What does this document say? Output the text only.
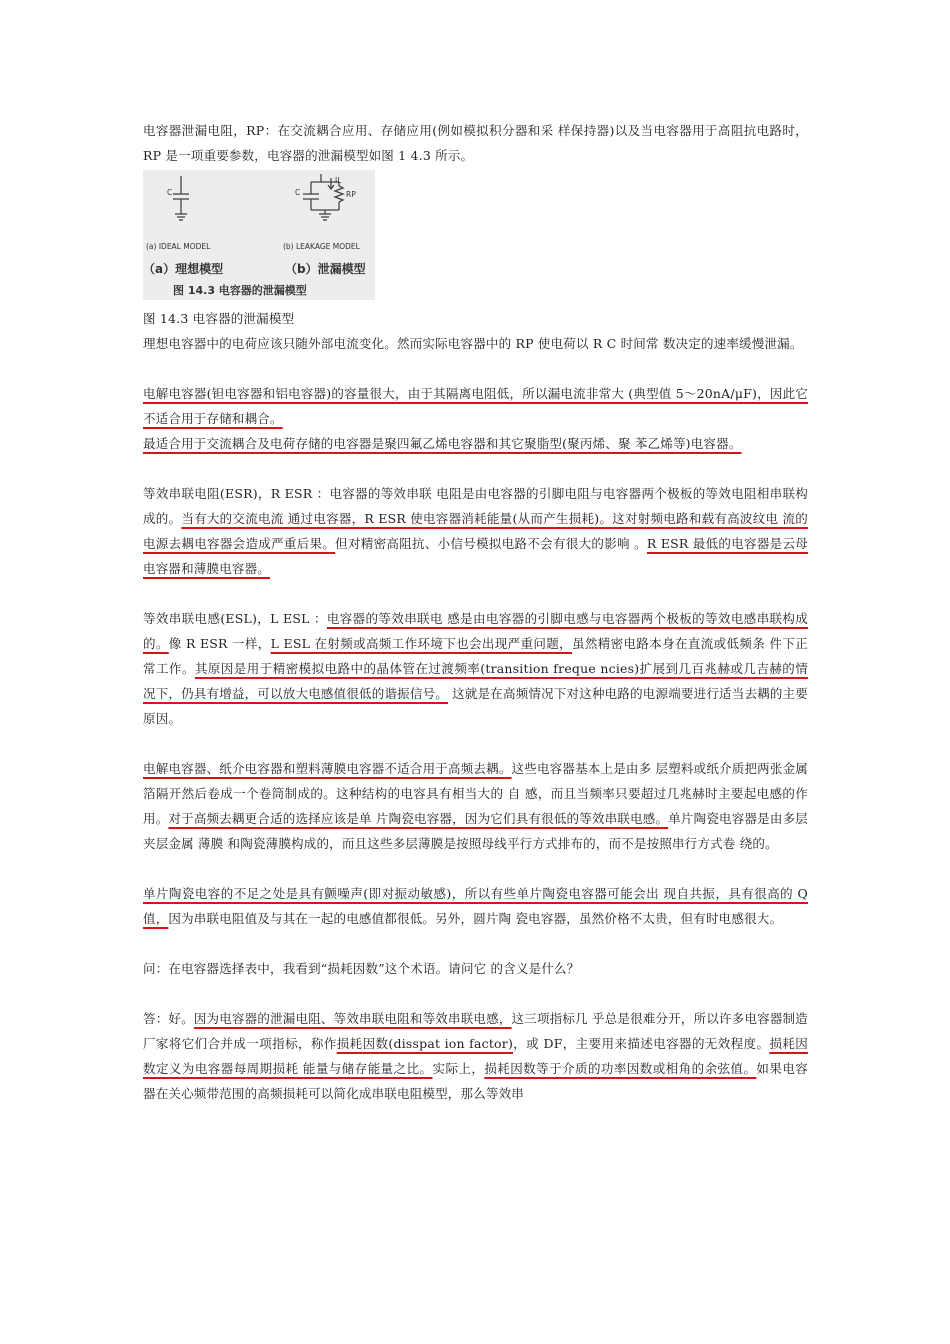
电容器泄漏电阻，RP：在交流耦合应用、存储应用(例如模拟积分器和采 样保持器)以及当电容器用于高阻抗电路时，RP 是一项重要参数，电容器的泄漏模型如图 1 4.3 所示。

C	C
IL
RP
(a) IDEAL MODEL	(b) LEAKAGE MODEL
（a）理想模型	（b）泄漏模型
图 14.3 电容器的泄漏模型

图 14.3 电容器的泄漏模型

理想电容器中的电荷应该只随外部电流变化。然而实际电容器中的 RP 使电荷以 R C 时间常 数决定的速率缓慢泄漏。

电解电容器(钽电容器和铝电容器)的容量很大，由于其隔离电阻低，所以漏电流非常大 (典型值 5～20nA/μF)，因此它不适合用于存储和耦合。

最适合用于交流耦合及电荷存储的电容器是聚四氟乙烯电容器和其它聚脂型(聚丙烯、聚 苯乙烯等)电容器。

等效串联电阻(ESR)，R ESR ：电容器的等效串联 电阻是由电容器的引脚电阻与电容器两个极板的等效电阻相串联构成的。当有大的交流电流 通过电容器，R ESR 使电容器消耗能量(从而产生损耗)。这对射频电路和载有高波纹电 流的电源去耦电容器会造成严重后果。但对精密高阻抗、小信号模拟电路不会有很大的影响 。R ESR 最低的电容器是云母电容器和薄膜电容器。

等效串联电感(ESL)，L ESL ：电容器的等效串联电 感是由电容器的引脚电感与电容器两个极板的等效电感串联构成的。像 R ESR 一样，L ESL 在射频或高频工作环境下也会出现严重问题，虽然精密电路本身在直流或低频条 件下正常工作。其原因是用于精密模拟电路中的晶体管在过渡频率(transition freque ncies)扩展到几百兆赫或几吉赫的情况下，仍具有增益，可以放大电感值很低的谐振信号。 这就是在高频情况下对这种电路的电源端要进行适当去耦的主要原因。

电解电容器、纸介电容器和塑料薄膜电容器不适合用于高频去耦。这些电容器基本上是由多 层塑料或纸介质把两张金属箔隔开然后卷成一个卷筒制成的。这种结构的电容具有相当大的 自 感，而且当频率只要超过几兆赫时主要起电感的作用。对于高频去耦更合适的选择应该是单 片陶瓷电容器，因为它们具有很低的等效串联电感。单片陶瓷电容器是由多层夹层金属 薄膜 和陶瓷薄膜构成的，而且这些多层薄膜是按照母线平行方式排布的，而不是按照串行方式卷 绕的。

单片陶瓷电容的不足之处是具有颤噪声(即对振动敏感)，所以有些单片陶瓷电容器可能会出 现自共振，具有很高的 Q 值，因为串联电阻值及与其在一起的电感值都很低。另外，圆片陶 瓷电容器，虽然价格不太贵，但有时电感很大。

问：在电容器选择表中，我看到“损耗因数”这个术语。请问它 的含义是什么？

答：好。因为电容器的泄漏电阻、等效串联电阻和等效串联电感，这三项指标几 乎总是很难分开，所以许多电容器制造厂家将它们合并成一项指标，称作损耗因数(disspat ion factor)，或 DF，主要用来描述电容器的无效程度。损耗因数定义为电容器每周期损耗 能量与储存能量之比。实际上，损耗因数等于介质的功率因数或相角的余弦值。如果电容 器在关心频带范围的高频损耗可以简化成串联电阻模型，那么等效串
